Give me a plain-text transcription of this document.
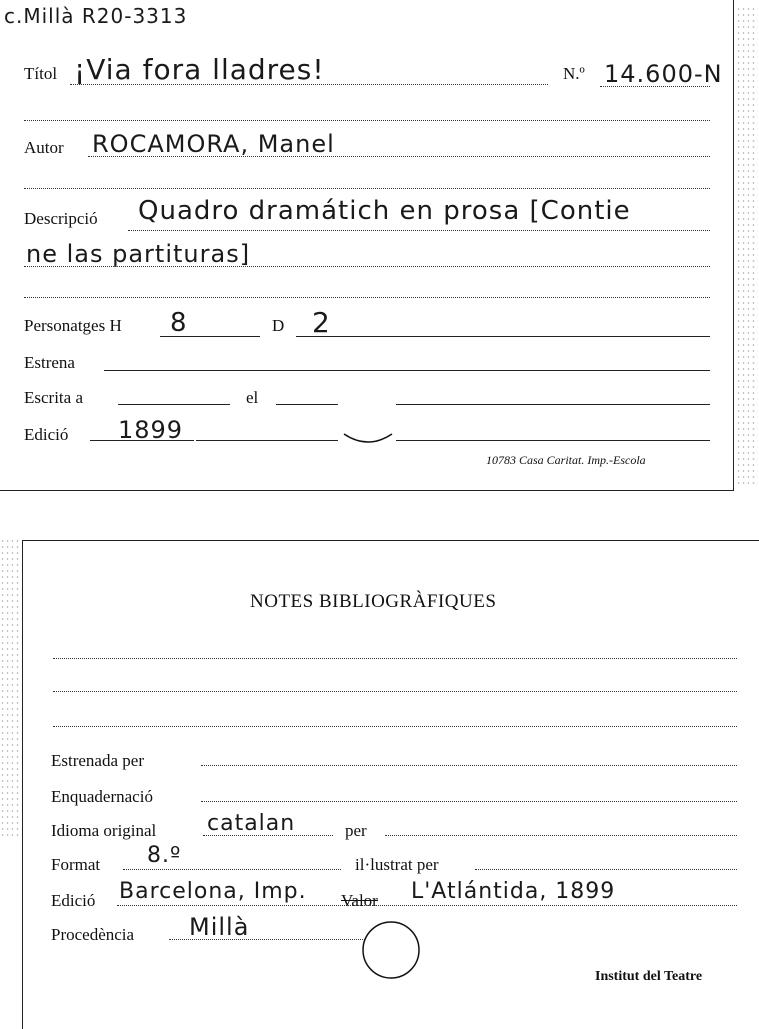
c.Millà R20-3313
Títol ¡Via fora lladres!	N.º 14.600-N
Autor ROCAMORA, Manel
Descripció Quadro dramátich en prosa [Contie
ne las partituras]
Personatges H 8	D 2
Estrena
Escrita a	el
Edició 1899
10783 Casa Caritat. Imp.-Escola
NOTES BIBLIOGRÀFIQUES
Estrenada per
Enquadernació
Idioma original catalan	per
Format 8.º	il·lustrat per
Edició Barcelona, Imp. Valor L'Atlántida, 1899
Procedència Millà
Institut del Teatre
